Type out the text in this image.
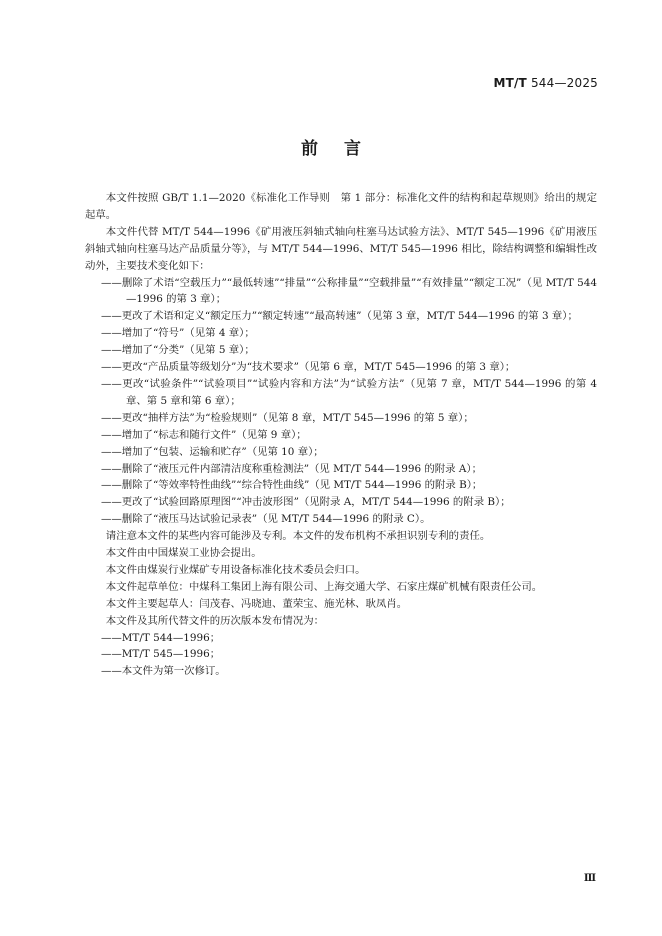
MT/T 544—2025
前言

本文件按照 GB/T 1.1—2020《标准化工作导则　第 1 部分：标准化文件的结构和起草规则》给出的规定起草。

本文件代替 MT/T 544—1996《矿用液压斜轴式轴向柱塞马达试验方法》、MT/T 545—1996《矿用液压斜轴式轴向柱塞马达产品质量分等》，与 MT/T 544—1996、MT/T 545—1996 相比，除结构调整和编辑性改动外，主要技术变化如下：

——删除了术语“空载压力”“最低转速”“排量”“公称排量”“空载排量”“有效排量”“额定工况”（见 MT/T 544—1996 的第 3 章）；

——更改了术语和定义“额定压力”“额定转速”“最高转速”（见第 3 章，MT/T 544—1996 的第 3 章）；

——增加了“符号”（见第 4 章）；

——增加了“分类”（见第 5 章）；

——更改“产品质量等级划分”为“技术要求”（见第 6 章，MT/T 545—1996 的第 3 章）；

——更改“试验条件”“试验项目”“试验内容和方法”为“试验方法”（见第 7 章，MT/T 544—1996 的第 4 章、第 5 章和第 6 章）；

——更改“抽样方法”为“检验规则”（见第 8 章，MT/T 545—1996 的第 5 章）；

——增加了“标志和随行文件”（见第 9 章）；

——增加了“包装、运输和贮存”（见第 10 章）；

——删除了“液压元件内部清洁度称重检测法”（见 MT/T 544—1996 的附录 A）；

——删除了“等效率特性曲线”“综合特性曲线”（见 MT/T 544—1996 的附录 B）；

——更改了“试验回路原理图”“冲击波形图”（见附录 A，MT/T 544—1996 的附录 B）；

——删除了“液压马达试验记录表”（见 MT/T 544—1996 的附录 C）。

请注意本文件的某些内容可能涉及专利。本文件的发布机构不承担识别专利的责任。

本文件由中国煤炭工业协会提出。

本文件由煤炭行业煤矿专用设备标准化技术委员会归口。

本文件起草单位：中煤科工集团上海有限公司、上海交通大学、石家庄煤矿机械有限责任公司。

本文件主要起草人：闫茂春、冯晓迪、董荣宝、施光林、耿凤肖。

本文件及其所代替文件的历次版本发布情况为：

——MT/T 544—1996；

——MT/T 545—1996；

——本文件为第一次修订。

Ⅲ
